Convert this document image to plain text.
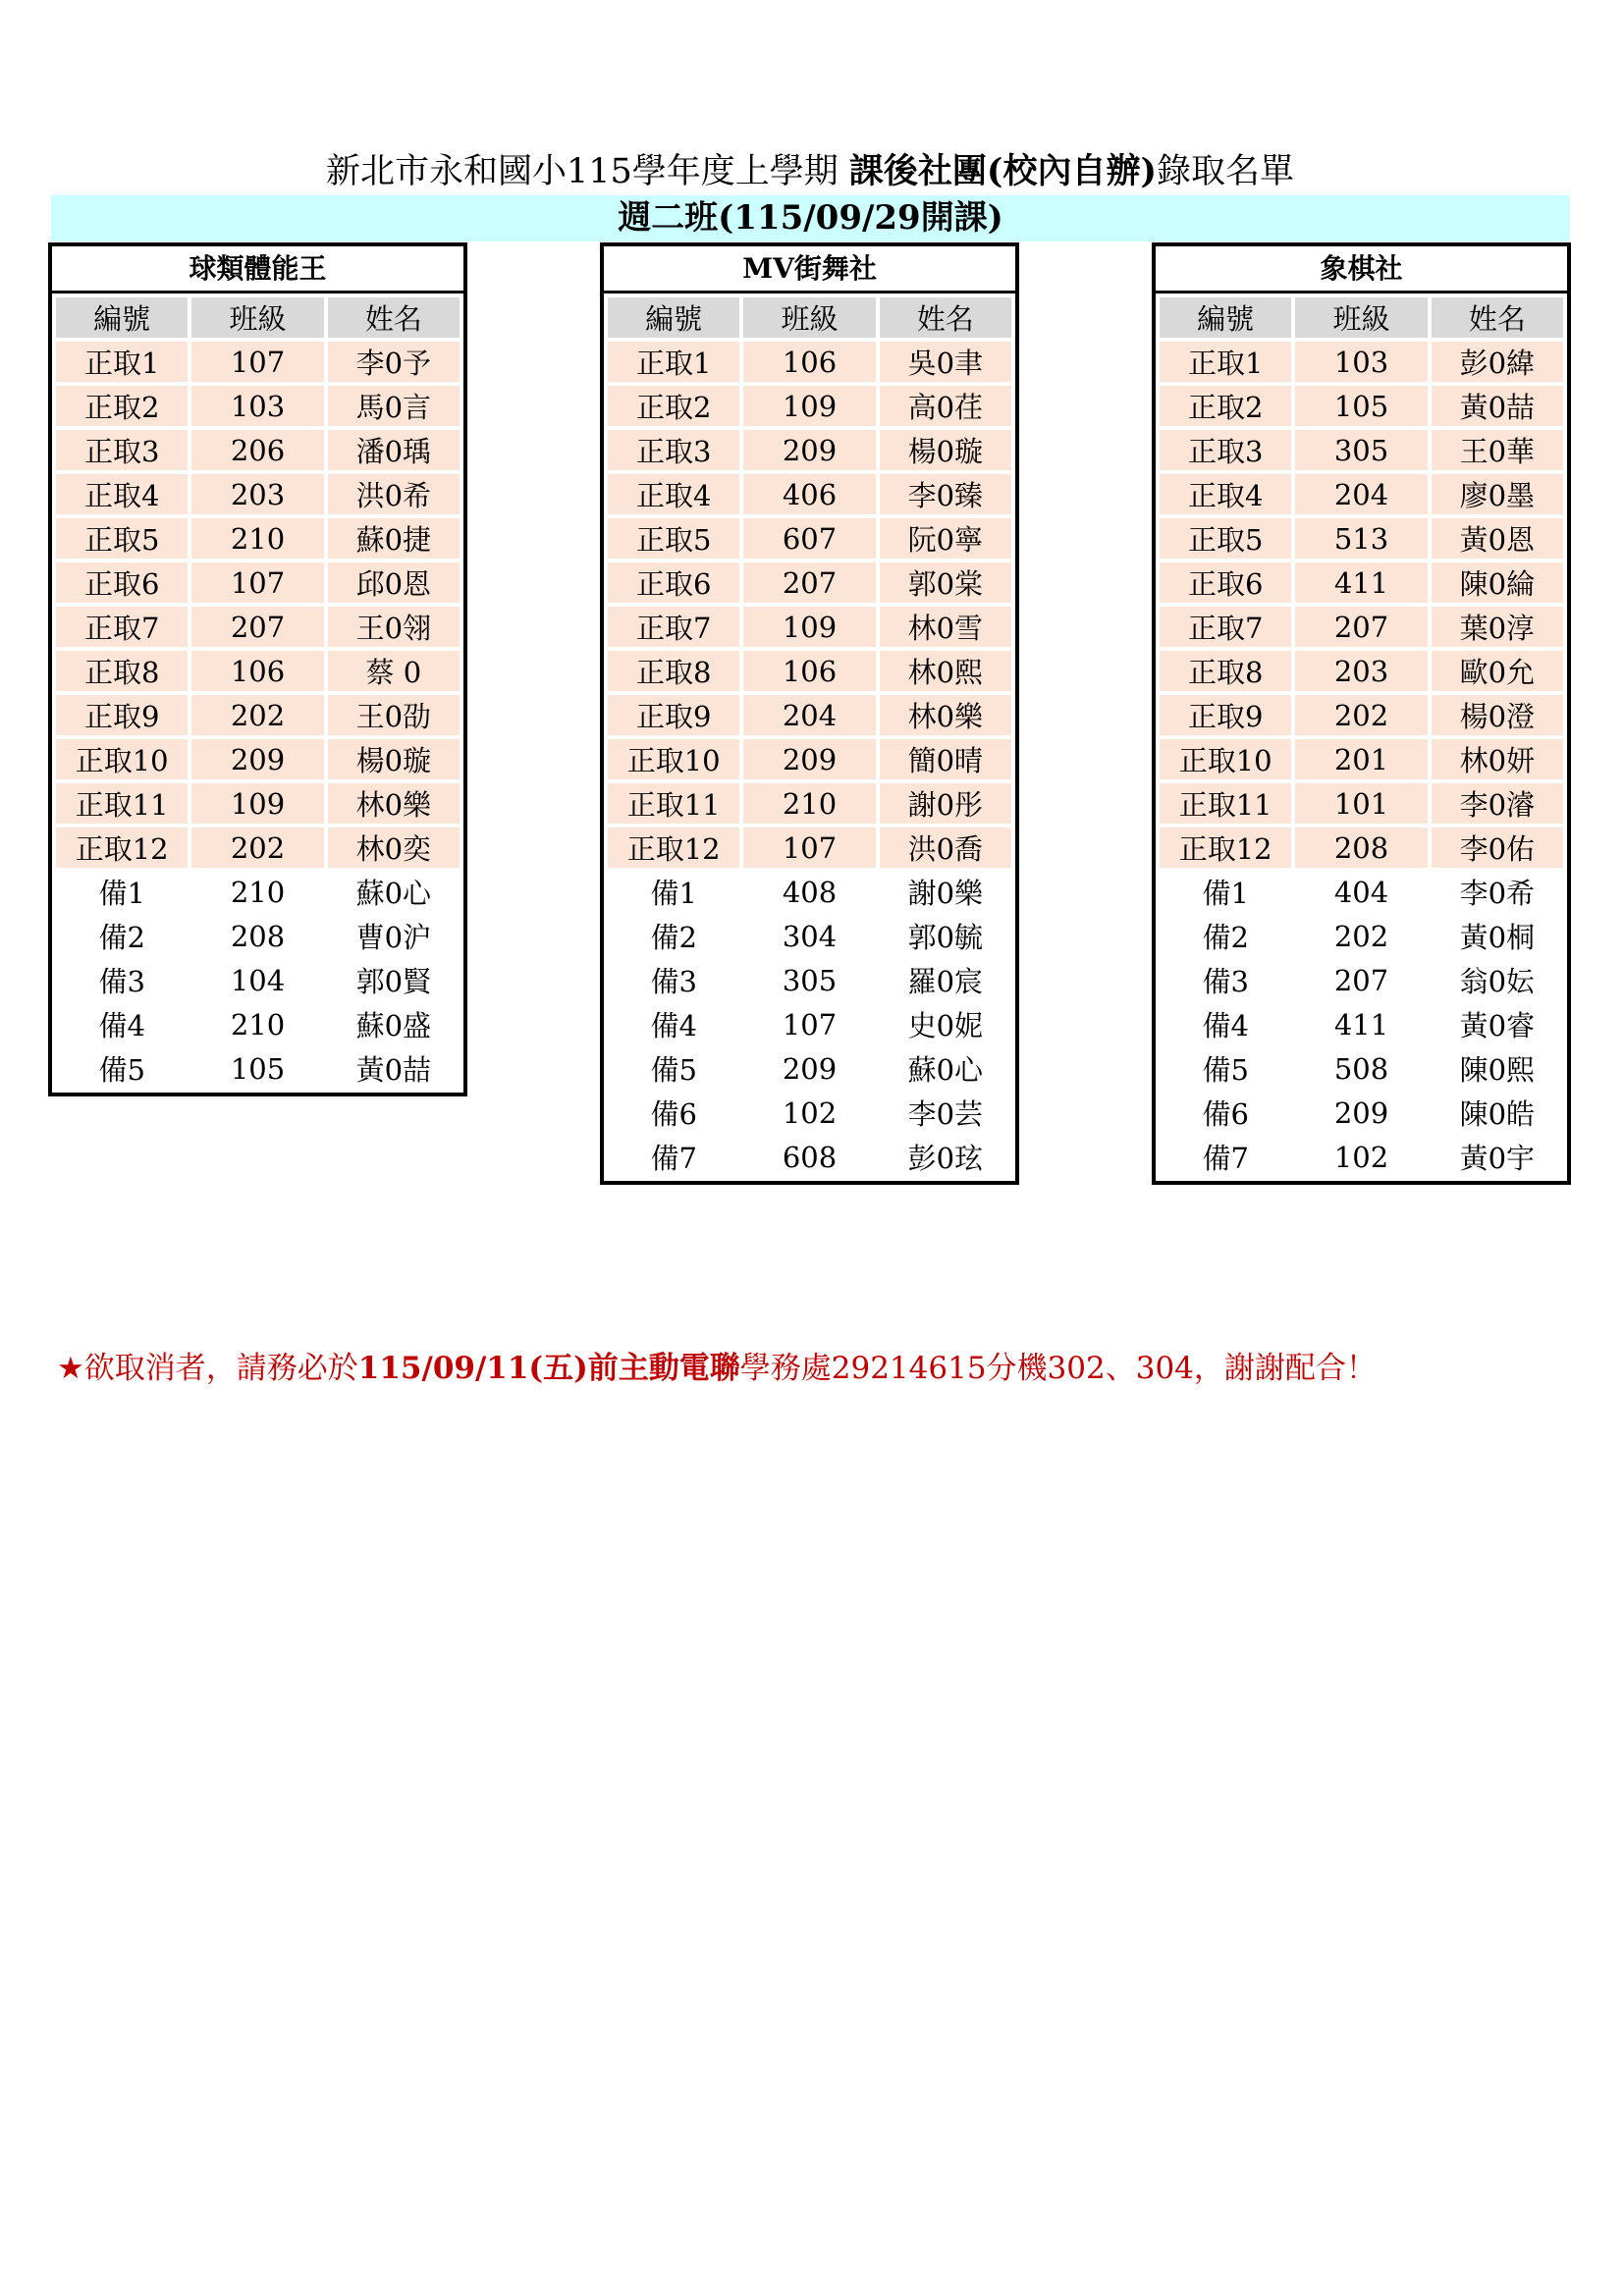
新北市永和國小115學年度上學期 課後社團(校內自辦)錄取名單
週二班(115/09/29開課)
球類體能王
編號	班級	姓名
正取1	107	李0予
正取2	103	馬0言
正取3	206	潘0瑀
正取4	203	洪0希
正取5	210	蘇0捷
正取6	107	邱0恩
正取7	207	王0翎
正取8	106	蔡 0
正取9	202	王0劭
正取10	209	楊0璇
正取11	109	林0樂
正取12	202	林0奕
備1	210	蘇0心
備2	208	曹0沪
備3	104	郭0賢
備4	210	蘇0盛
備5	105	黃0喆
MV街舞社
編號	班級	姓名
正取1	106	吳0聿
正取2	109	高0荏
正取3	209	楊0璇
正取4	406	李0臻
正取5	607	阮0寧
正取6	207	郭0棠
正取7	109	林0雪
正取8	106	林0熙
正取9	204	林0樂
正取10	209	簡0晴
正取11	210	謝0彤
正取12	107	洪0喬
備1	408	謝0樂
備2	304	郭0毓
備3	305	羅0宸
備4	107	史0妮
備5	209	蘇0心
備6	102	李0芸
備7	608	彭0玹
象棋社
編號	班級	姓名
正取1	103	彭0緯
正取2	105	黃0喆
正取3	305	王0華
正取4	204	廖0墨
正取5	513	黃0恩
正取6	411	陳0綸
正取7	207	葉0淳
正取8	203	歐0允
正取9	202	楊0澄
正取10	201	林0妍
正取11	101	李0濬
正取12	208	李0佑
備1	404	李0希
備2	202	黃0桐
備3	207	翁0妘
備4	411	黃0睿
備5	508	陳0熙
備6	209	陳0皓
備7	102	黃0宇
★欲取消者，請務必於115/09/11(五)前主動電聯學務處29214615分機302、304，謝謝配合！
